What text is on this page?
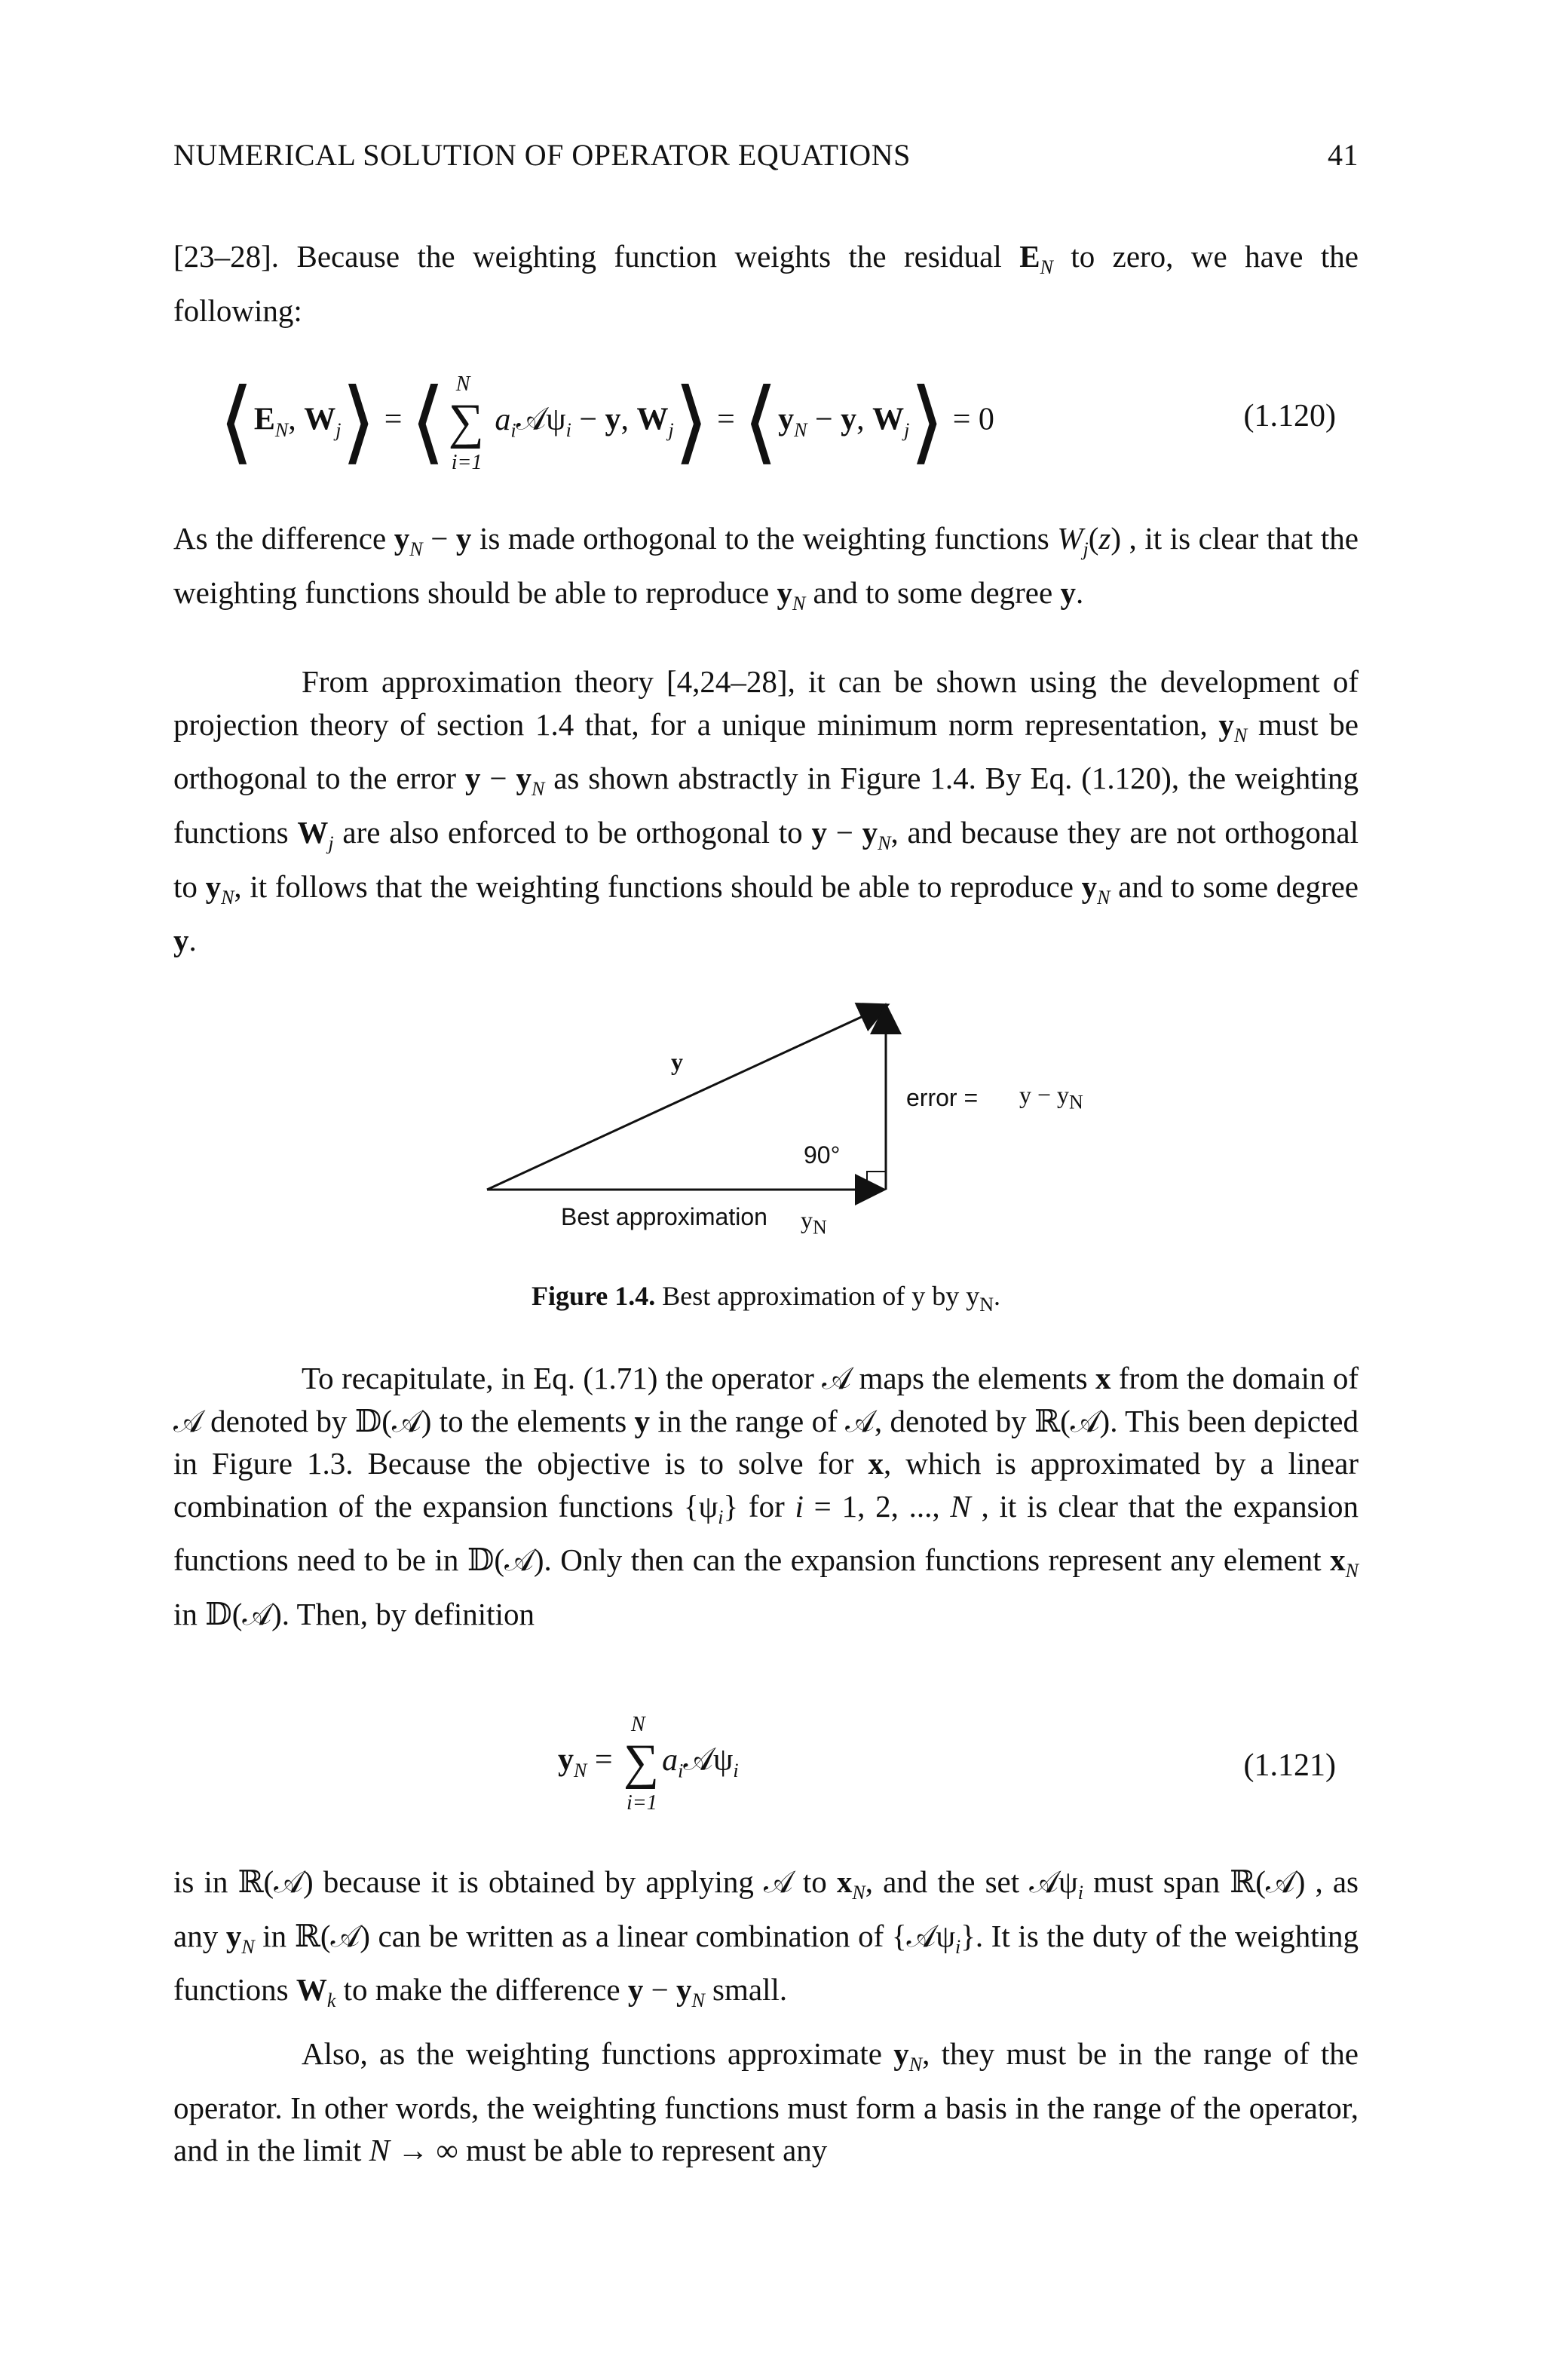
NUMERICAL SOLUTION OF OPERATOR EQUATIONS	41
[23–28]. Because the weighting function weights the residual $E_N$ to zero, we have the following:
$⟨E_N$, $W_j⟩$ = ⟨∑
N
i=1
$a_i𝒜\psi_i - y$, $W_j⟩$ = $⟨y_N - y$, $W_j⟩ = 0$	(1.120)
As the difference $y_N - y$ is made orthogonal to the weighting functions $W_j(z)$ , it is clear that the weighting functions should be able to reproduce $y_N$ and to some degree y.
From approximation theory [4,24–28], it can be shown using the development of projection theory of section 1.4 that, for a unique minimum norm representation, $y_N$ must be orthogonal to the error $y - y_N$ as shown abstractly in Figure 1.4. By Eq. (1.120), the weighting functions $W_j$ are also enforced to be orthogonal to $y - y_N$, and because they are not orthogonal to $y_N$, it follows that the weighting functions should be able to reproduce $y_N$ and to some degree y.
y
error = $y - y_N$
90°
Best approximation $y_N$
Figure 1.4. Best approximation of y by $y_N$.
To recapitulate, in Eq. (1.71) the operator 𝒜 maps the elements x from the domain of 𝒜 denoted by 𝔻(𝒜) to the elements y in the range of 𝒜, denoted by ℝ(𝒜). This been depicted in Figure 1.3. Because the objective is to solve for x, which is approximated by a linear combination of the expansion functions $\{\psi_i\}$ for i = 1, 2, ..., N , it is clear that the expansion functions need to be in 𝔻(𝒜). Only then can the expansion functions represent any element $x_N$ in 𝔻(𝒜). Then, by definition
$y_N$ = ∑
N
i=1
$a_i𝒜\psi_i$	(1.121)
is in ℝ(𝒜) because it is obtained by applying 𝒜 to $x_N$, and the set 𝒜ψ$_i$ must span ℝ(𝒜) , as any $y_N$ in ℝ(𝒜) can be written as a linear combination of {𝒜ψ$_i$}. It is the duty of the weighting functions $W_k$ to make the difference $y - y_N$ small.
Also, as the weighting functions approximate $y_N$, they must be in the range of the operator. In other words, the weighting functions must form a basis in the range of the operator, and in the limit N → ∞ must be able to represent any
